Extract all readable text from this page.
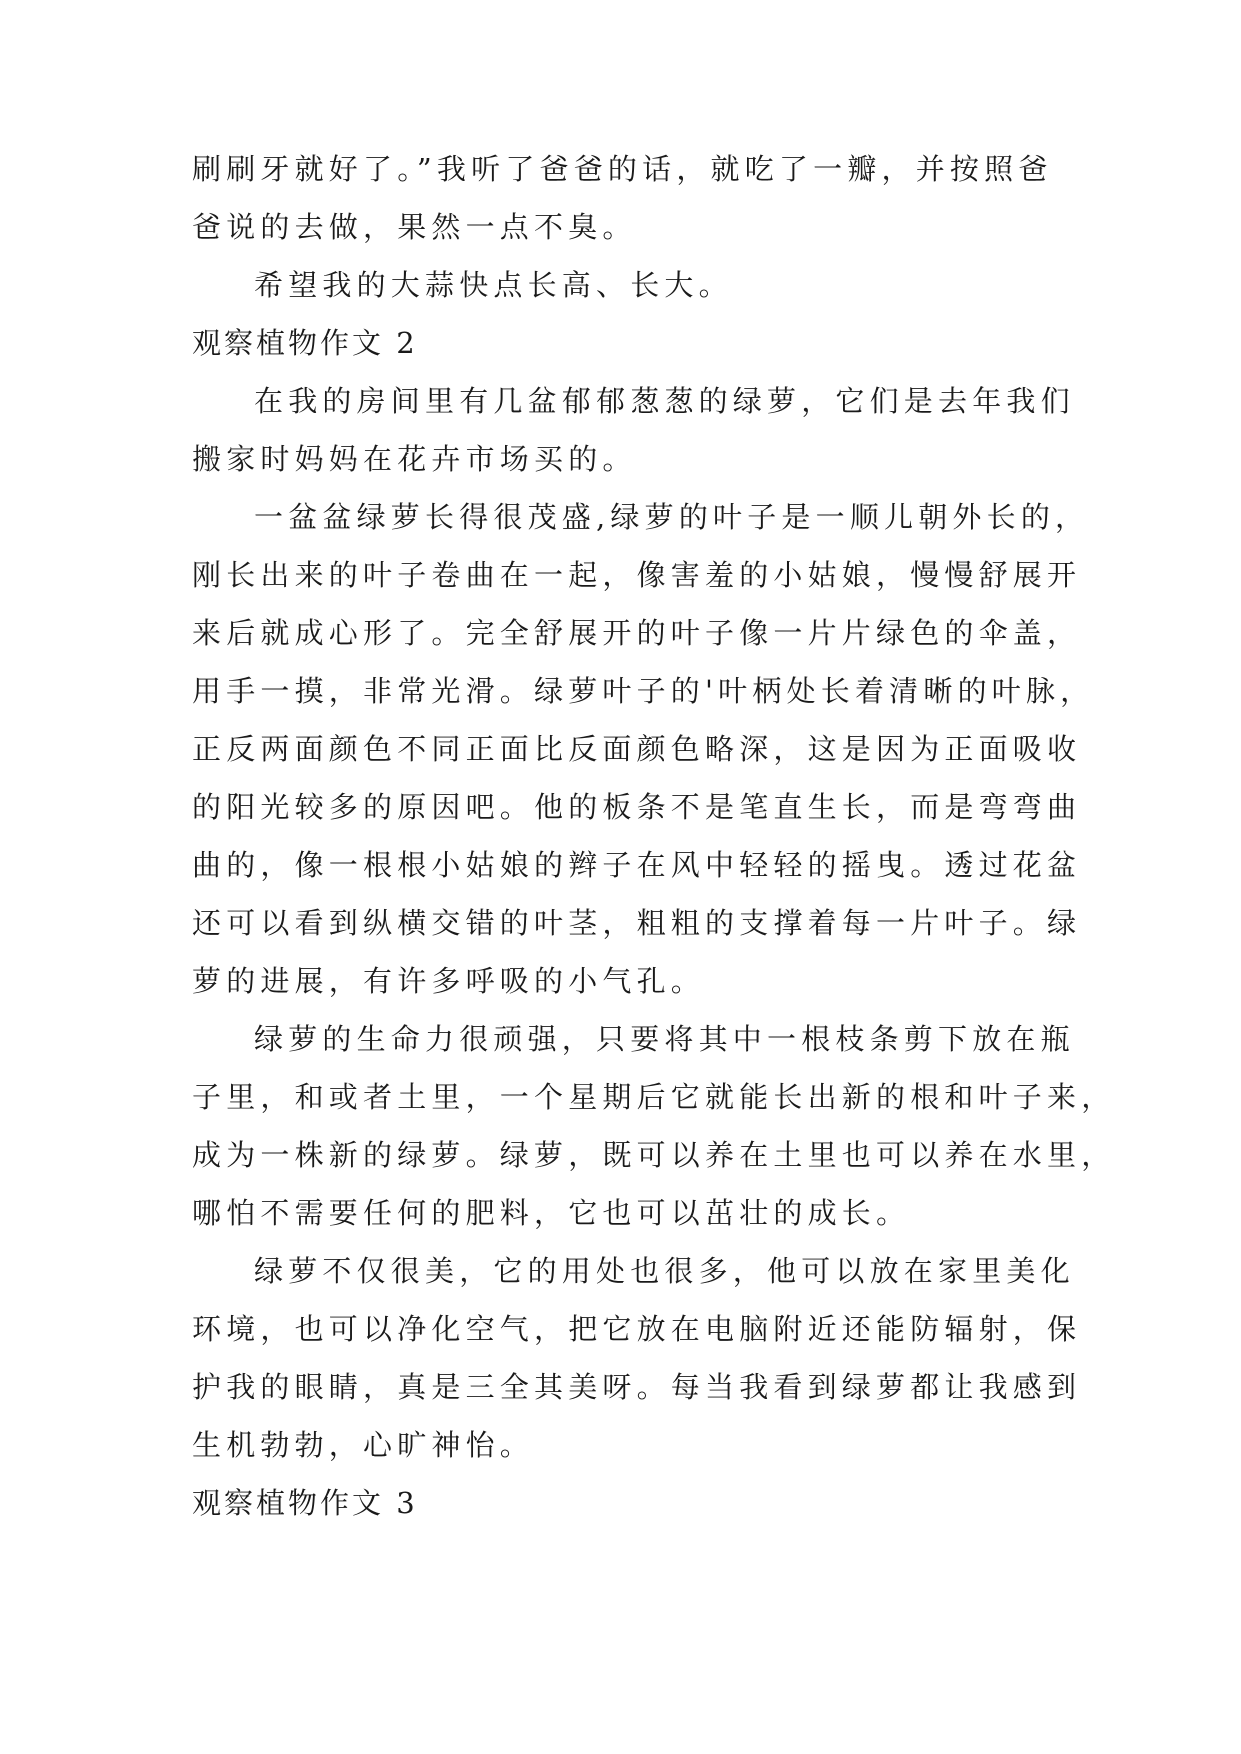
刷刷牙就好了。”我听了爸爸的话，就吃了一瓣，并按照爸
爸说的去做，果然一点不臭。
希望我的大蒜快点长高、长大。
观察植物作文 2
在我的房间里有几盆郁郁葱葱的绿萝，它们是去年我们
搬家时妈妈在花卉市场买的。
一盆盆绿萝长得很茂盛,绿萝的叶子是一顺儿朝外长的，
刚长出来的叶子卷曲在一起，像害羞的小姑娘，慢慢舒展开
来后就成心形了。完全舒展开的叶子像一片片绿色的伞盖，
用手一摸，非常光滑。绿萝叶子的'叶柄处长着清晰的叶脉，
正反两面颜色不同正面比反面颜色略深，这是因为正面吸收
的阳光较多的原因吧。他的板条不是笔直生长，而是弯弯曲
曲的，像一根根小姑娘的辫子在风中轻轻的摇曳。透过花盆
还可以看到纵横交错的叶茎，粗粗的支撑着每一片叶子。绿
萝的进展，有许多呼吸的小气孔。
绿萝的生命力很顽强，只要将其中一根枝条剪下放在瓶
子里，和或者土里，一个星期后它就能长出新的根和叶子来，
成为一株新的绿萝。绿萝，既可以养在土里也可以养在水里，
哪怕不需要任何的肥料，它也可以茁壮的成长。
绿萝不仅很美，它的用处也很多，他可以放在家里美化
环境，也可以净化空气，把它放在电脑附近还能防辐射，保
护我的眼睛，真是三全其美呀。每当我看到绿萝都让我感到
生机勃勃，心旷神怡。
观察植物作文 3
